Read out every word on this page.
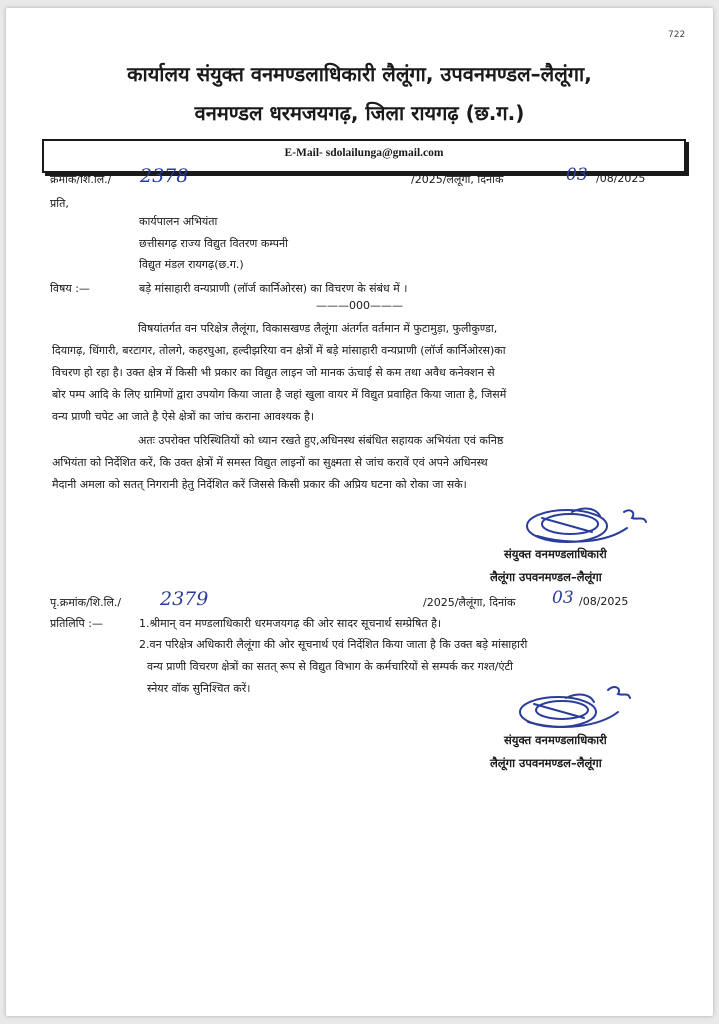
722
कार्यालय संयुक्त वनमण्डलाधिकारी लैलूंगा, उपवनमण्डल–लैलूंगा,
वनमण्डल धरमजयगढ़, जिला रायगढ़ (छ.ग.)
E-Mail- sdolailunga@gmail.com
क्रमांक/शि.लि./ 2378	/2025/लैलूंगा, दिनांक	03 /08/2025
प्रति,
कार्यपालन अभियंता
छत्तीसगढ़ राज्य विद्युत वितरण कम्पनी
विद्युत मंडल रायगढ़(छ.ग.)
विषय :—	बड़े मांसाहारी वन्यप्राणी (लॉर्ज कार्निओरस) का विचरण के संबंध में ।
———000———
विषयांतर्गत वन परिक्षेत्र लैलूंगा, विकासखण्ड लैलूंगा अंतर्गत वर्तमान में फुटामुड़ा, फुलीकुण्डा,
दियागढ़, धिंगारी, बरटागर, तोलगे, कहरघुआ, हल्दीझरिया वन क्षेत्रों में बड़े मांसाहारी वन्यप्राणी (लॉर्ज कार्निओरस)का
विचरण हो रहा है। उक्त क्षेत्र में किसी भी प्रकार का विद्युत लाइन जो मानक ऊंचाई से कम तथा अवैध कनेक्शन से
बोर पम्प आदि के लिए ग्रामिणों द्वारा उपयोग किया जाता है जहां खुला वायर में विद्युत प्रवाहित किया जाता है, जिसमें
वन्य प्राणी चपेट आ जाते है ऐसे क्षेत्रों का जांच कराना आवश्यक है।
अतः उपरोक्त परिस्थितियों को ध्यान रखते हुए,अधिनस्थ संबंधित सहायक अभियंता एवं कनिष्ठ
अभियंता को निर्देशित करें, कि उक्त क्षेत्रों में समस्त विद्युत लाइनों का सुक्ष्मता से जांच करावें एवं अपने अधिनस्थ
मैदानी अमला को सतत् निगरानी हेतु निर्देशित करें जिससे किसी प्रकार की अप्रिय घटना को रोका जा सके।
संयुक्त वनमण्डलाधिकारी
लैलूंगा उपवनमण्डल–लैलूंगा
पृ.क्रमांक/शि.लि./ 2379	/2025/लैलूंगा, दिनांक 03 /08/2025
प्रतिलिपि :—	1.श्रीमान् वन मण्डलाधिकारी धरमजयगढ़ की ओर सादर सूचनार्थ सम्प्रेषित है।
2.वन परिक्षेत्र अधिकारी लैलूंगा की ओर सूचनार्थ एवं निर्देशित किया जाता है कि उक्त बड़े मांसाहारी
वन्य प्राणी विचरण क्षेत्रों का सतत् रूप से विद्युत विभाग के कर्मचारियों से सम्पर्क कर गश्त/एंटी
स्नेयर वॉक सुनिश्चित करें।
संयुक्त वनमण्डलाधिकारी
लैलूंगा उपवनमण्डल–लैलूंगा
